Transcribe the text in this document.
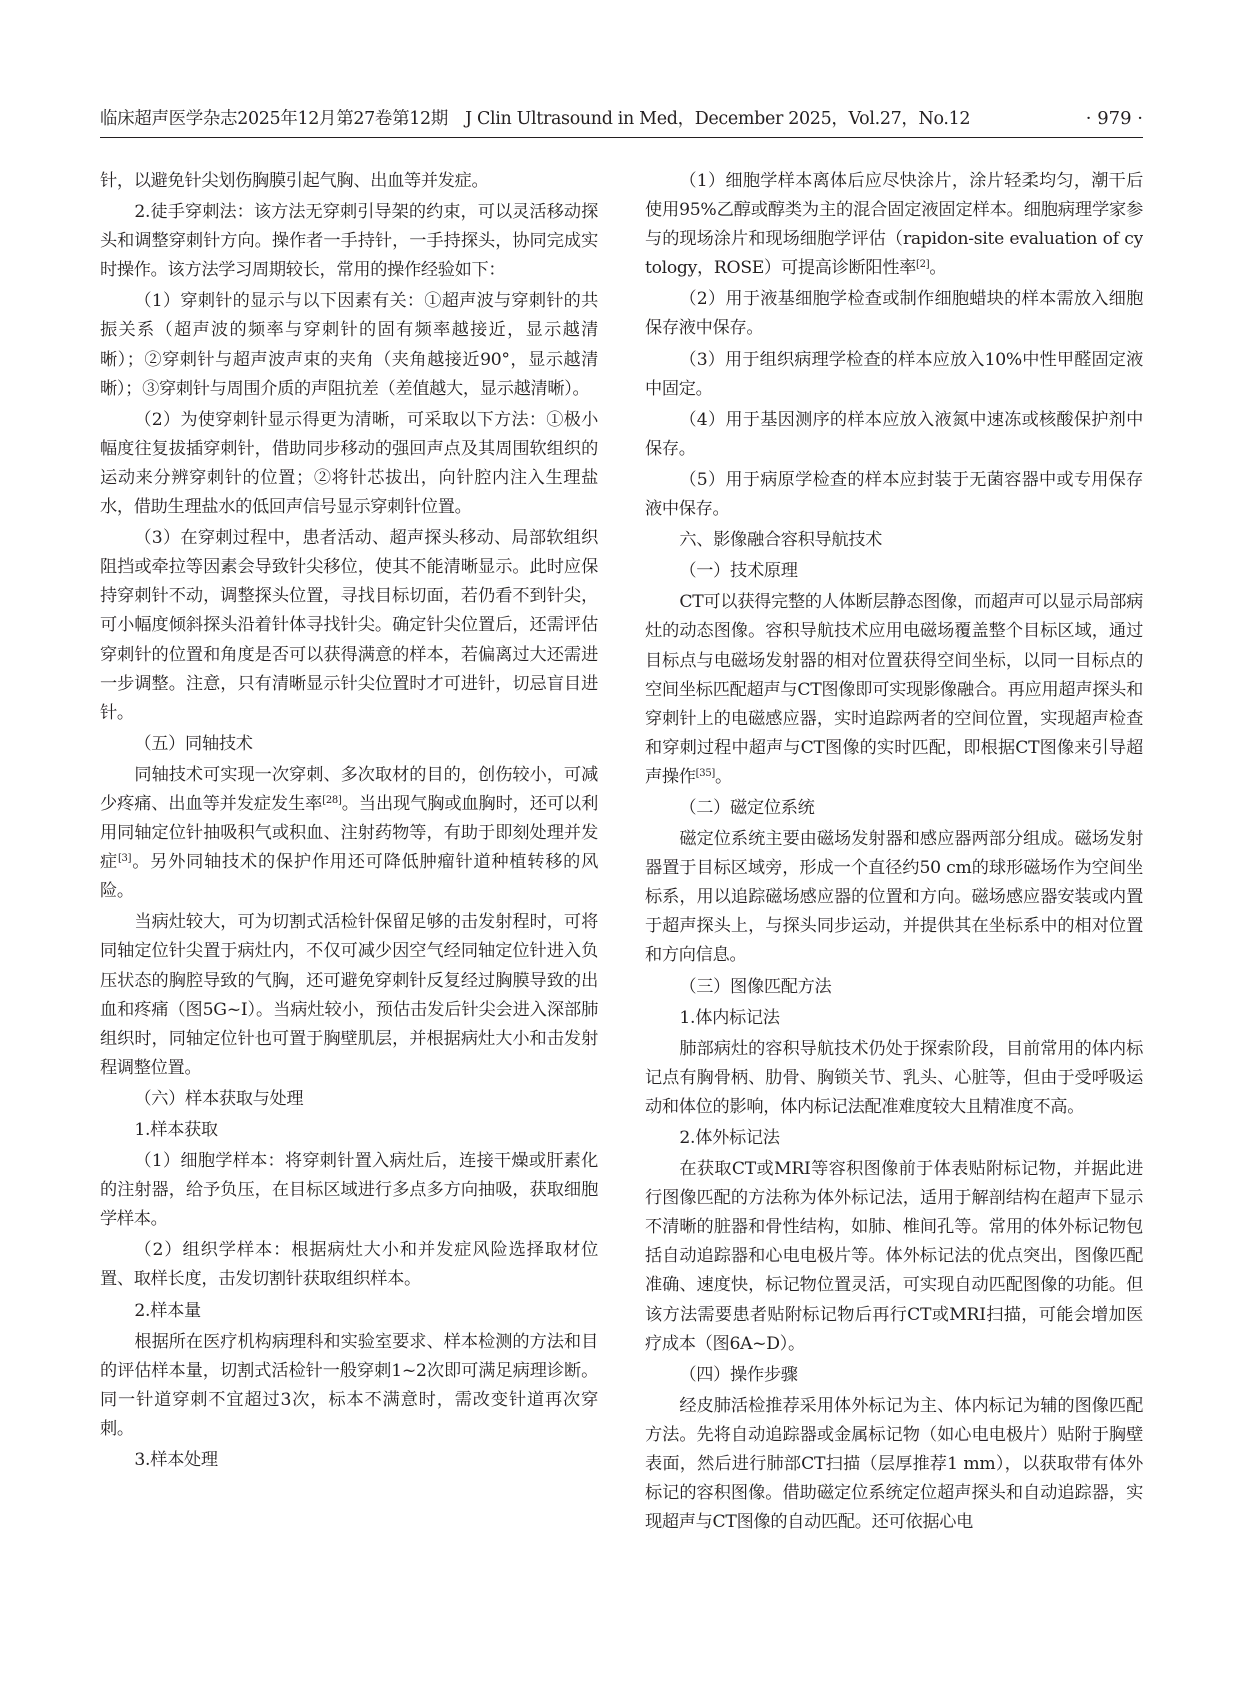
临床超声医学杂志2025年12月第27卷第12期　J Clin Ultrasound in Med，December 2025，Vol.27，No.12	· 979 ·

针，以避免针尖划伤胸膜引起气胸、出血等并发症。

2.徒手穿刺法：该方法无穿刺引导架的约束，可以灵活移动探头和调整穿刺针方向。操作者一手持针，一手持探头，协同完成实时操作。该方法学习周期较长，常用的操作经验如下：

（1）穿刺针的显示与以下因素有关：①超声波与穿刺针的共振关系（超声波的频率与穿刺针的固有频率越接近，显示越清晰）；②穿刺针与超声波声束的夹角（夹角越接近90°，显示越清晰）；③穿刺针与周围介质的声阻抗差（差值越大，显示越清晰）。

（2）为使穿刺针显示得更为清晰，可采取以下方法：①极小幅度往复拔插穿刺针，借助同步移动的强回声点及其周围软组织的运动来分辨穿刺针的位置；②将针芯拔出，向针腔内注入生理盐水，借助生理盐水的低回声信号显示穿刺针位置。

（3）在穿刺过程中，患者活动、超声探头移动、局部软组织阻挡或牵拉等因素会导致针尖移位，使其不能清晰显示。此时应保持穿刺针不动，调整探头位置，寻找目标切面，若仍看不到针尖，可小幅度倾斜探头沿着针体寻找针尖。确定针尖位置后，还需评估穿刺针的位置和角度是否可以获得满意的样本，若偏离过大还需进一步调整。注意，只有清晰显示针尖位置时才可进针，切忌盲目进针。

（五）同轴技术

同轴技术可实现一次穿刺、多次取材的目的，创伤较小，可减少疼痛、出血等并发症发生率[28]。当出现气胸或血胸时，还可以利用同轴定位针抽吸积气或积血、注射药物等，有助于即刻处理并发症[3]。另外同轴技术的保护作用还可降低肿瘤针道种植转移的风险。

当病灶较大，可为切割式活检针保留足够的击发射程时，可将同轴定位针尖置于病灶内，不仅可减少因空气经同轴定位针进入负压状态的胸腔导致的气胸，还可避免穿刺针反复经过胸膜导致的出血和疼痛（图5G~I）。当病灶较小，预估击发后针尖会进入深部肺组织时，同轴定位针也可置于胸壁肌层，并根据病灶大小和击发射程调整位置。

（六）样本获取与处理

1.样本获取

（1）细胞学样本：将穿刺针置入病灶后，连接干燥或肝素化的注射器，给予负压，在目标区域进行多点多方向抽吸，获取细胞学样本。

（2）组织学样本：根据病灶大小和并发症风险选择取材位置、取样长度，击发切割针获取组织样本。

2.样本量

根据所在医疗机构病理科和实验室要求、样本检测的方法和目的评估样本量，切割式活检针一般穿刺1~2次即可满足病理诊断。同一针道穿刺不宜超过3次，标本不满意时，需改变针道再次穿刺。

3.样本处理

（1）细胞学样本离体后应尽快涂片，涂片轻柔均匀，潮干后使用95%乙醇或醇类为主的混合固定液固定样本。细胞病理学家参与的现场涂片和现场细胞学评估（rapidon-site evaluation of cytology，ROSE）可提高诊断阳性率[2]。

（2）用于液基细胞学检查或制作细胞蜡块的样本需放入细胞保存液中保存。

（3）用于组织病理学检查的样本应放入10%中性甲醛固定液中固定。

（4）用于基因测序的样本应放入液氮中速冻或核酸保护剂中保存。

（5）用于病原学检查的样本应封装于无菌容器中或专用保存液中保存。

六、影像融合容积导航技术

（一）技术原理

CT可以获得完整的人体断层静态图像，而超声可以显示局部病灶的动态图像。容积导航技术应用电磁场覆盖整个目标区域，通过目标点与电磁场发射器的相对位置获得空间坐标，以同一目标点的空间坐标匹配超声与CT图像即可实现影像融合。再应用超声探头和穿刺针上的电磁感应器，实时追踪两者的空间位置，实现超声检查和穿刺过程中超声与CT图像的实时匹配，即根据CT图像来引导超声操作[35]。

（二）磁定位系统

磁定位系统主要由磁场发射器和感应器两部分组成。磁场发射器置于目标区域旁，形成一个直径约50 cm的球形磁场作为空间坐标系，用以追踪磁场感应器的位置和方向。磁场感应器安装或内置于超声探头上，与探头同步运动，并提供其在坐标系中的相对位置和方向信息。

（三）图像匹配方法

1.体内标记法

肺部病灶的容积导航技术仍处于探索阶段，目前常用的体内标记点有胸骨柄、肋骨、胸锁关节、乳头、心脏等，但由于受呼吸运动和体位的影响，体内标记法配准难度较大且精准度不高。

2.体外标记法

在获取CT或MRI等容积图像前于体表贴附标记物，并据此进行图像匹配的方法称为体外标记法，适用于解剖结构在超声下显示不清晰的脏器和骨性结构，如肺、椎间孔等。常用的体外标记物包括自动追踪器和心电电极片等。体外标记法的优点突出，图像匹配准确、速度快，标记物位置灵活，可实现自动匹配图像的功能。但该方法需要患者贴附标记物后再行CT或MRI扫描，可能会增加医疗成本（图6A~D）。

（四）操作步骤

经皮肺活检推荐采用体外标记为主、体内标记为辅的图像匹配方法。先将自动追踪器或金属标记物（如心电电极片）贴附于胸壁表面，然后进行肺部CT扫描（层厚推荐1 mm），以获取带有体外标记的容积图像。借助磁定位系统定位超声探头和自动追踪器，实现超声与CT图像的自动匹配。还可依据心电
